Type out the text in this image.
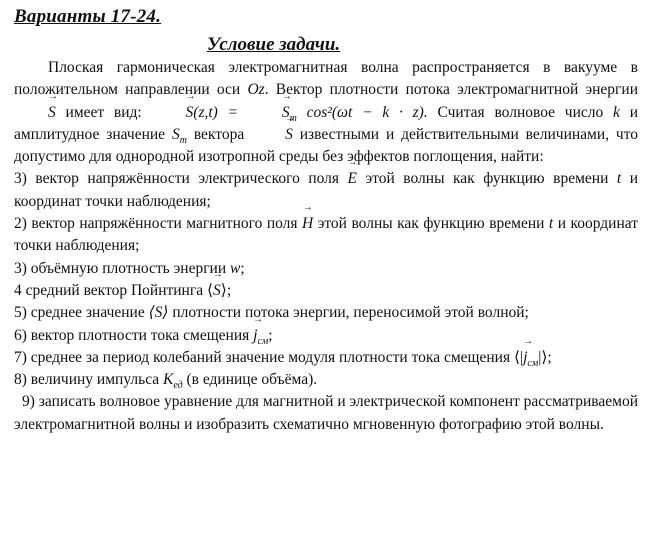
Варианты 17-24.
Условие задачи.

Плоская гармоническая электромагнитная волна распространяется в вакууме в положительном направлении оси Oz. Вектор плотности потока электромагнитной энергии → S имеет вид: → S(z,t) = → $S_m$ cos²(ωt − k · z). Считая волновое число k и амплитудное значение $S_m$ вектора → S известными и действительными величинами, что допустимо для однородной изотропной среды без эффектов поглощения, найти:

3) вектор напряжённости электрического поля → E этой волны как функцию времени t и координат точки наблюдения;

2) вектор напряжённости магнитного поля → H этой волны как функцию времени t и координат точки наблюдения;

3) объёмную плотность энергии w;

4 средний вектор Пойнтинга ⟨→ S⟩;

5) среднее значение ⟨S⟩ плотности потока энергии, переносимой этой волной;

6) вектор плотности тока смещения → $j_{см}$;

7) среднее за период колебаний значение модуля плотности тока смещения ⟨|→ $j_{см}|⟩$;

8) величину импульса $K_{ед}$ (в единице объёма).

9) записать волновое уравнение для магнитной и электрической компонент рассматриваемой электромагнитной волны и изобразить схематично мгновенную фотографию этой волны.
